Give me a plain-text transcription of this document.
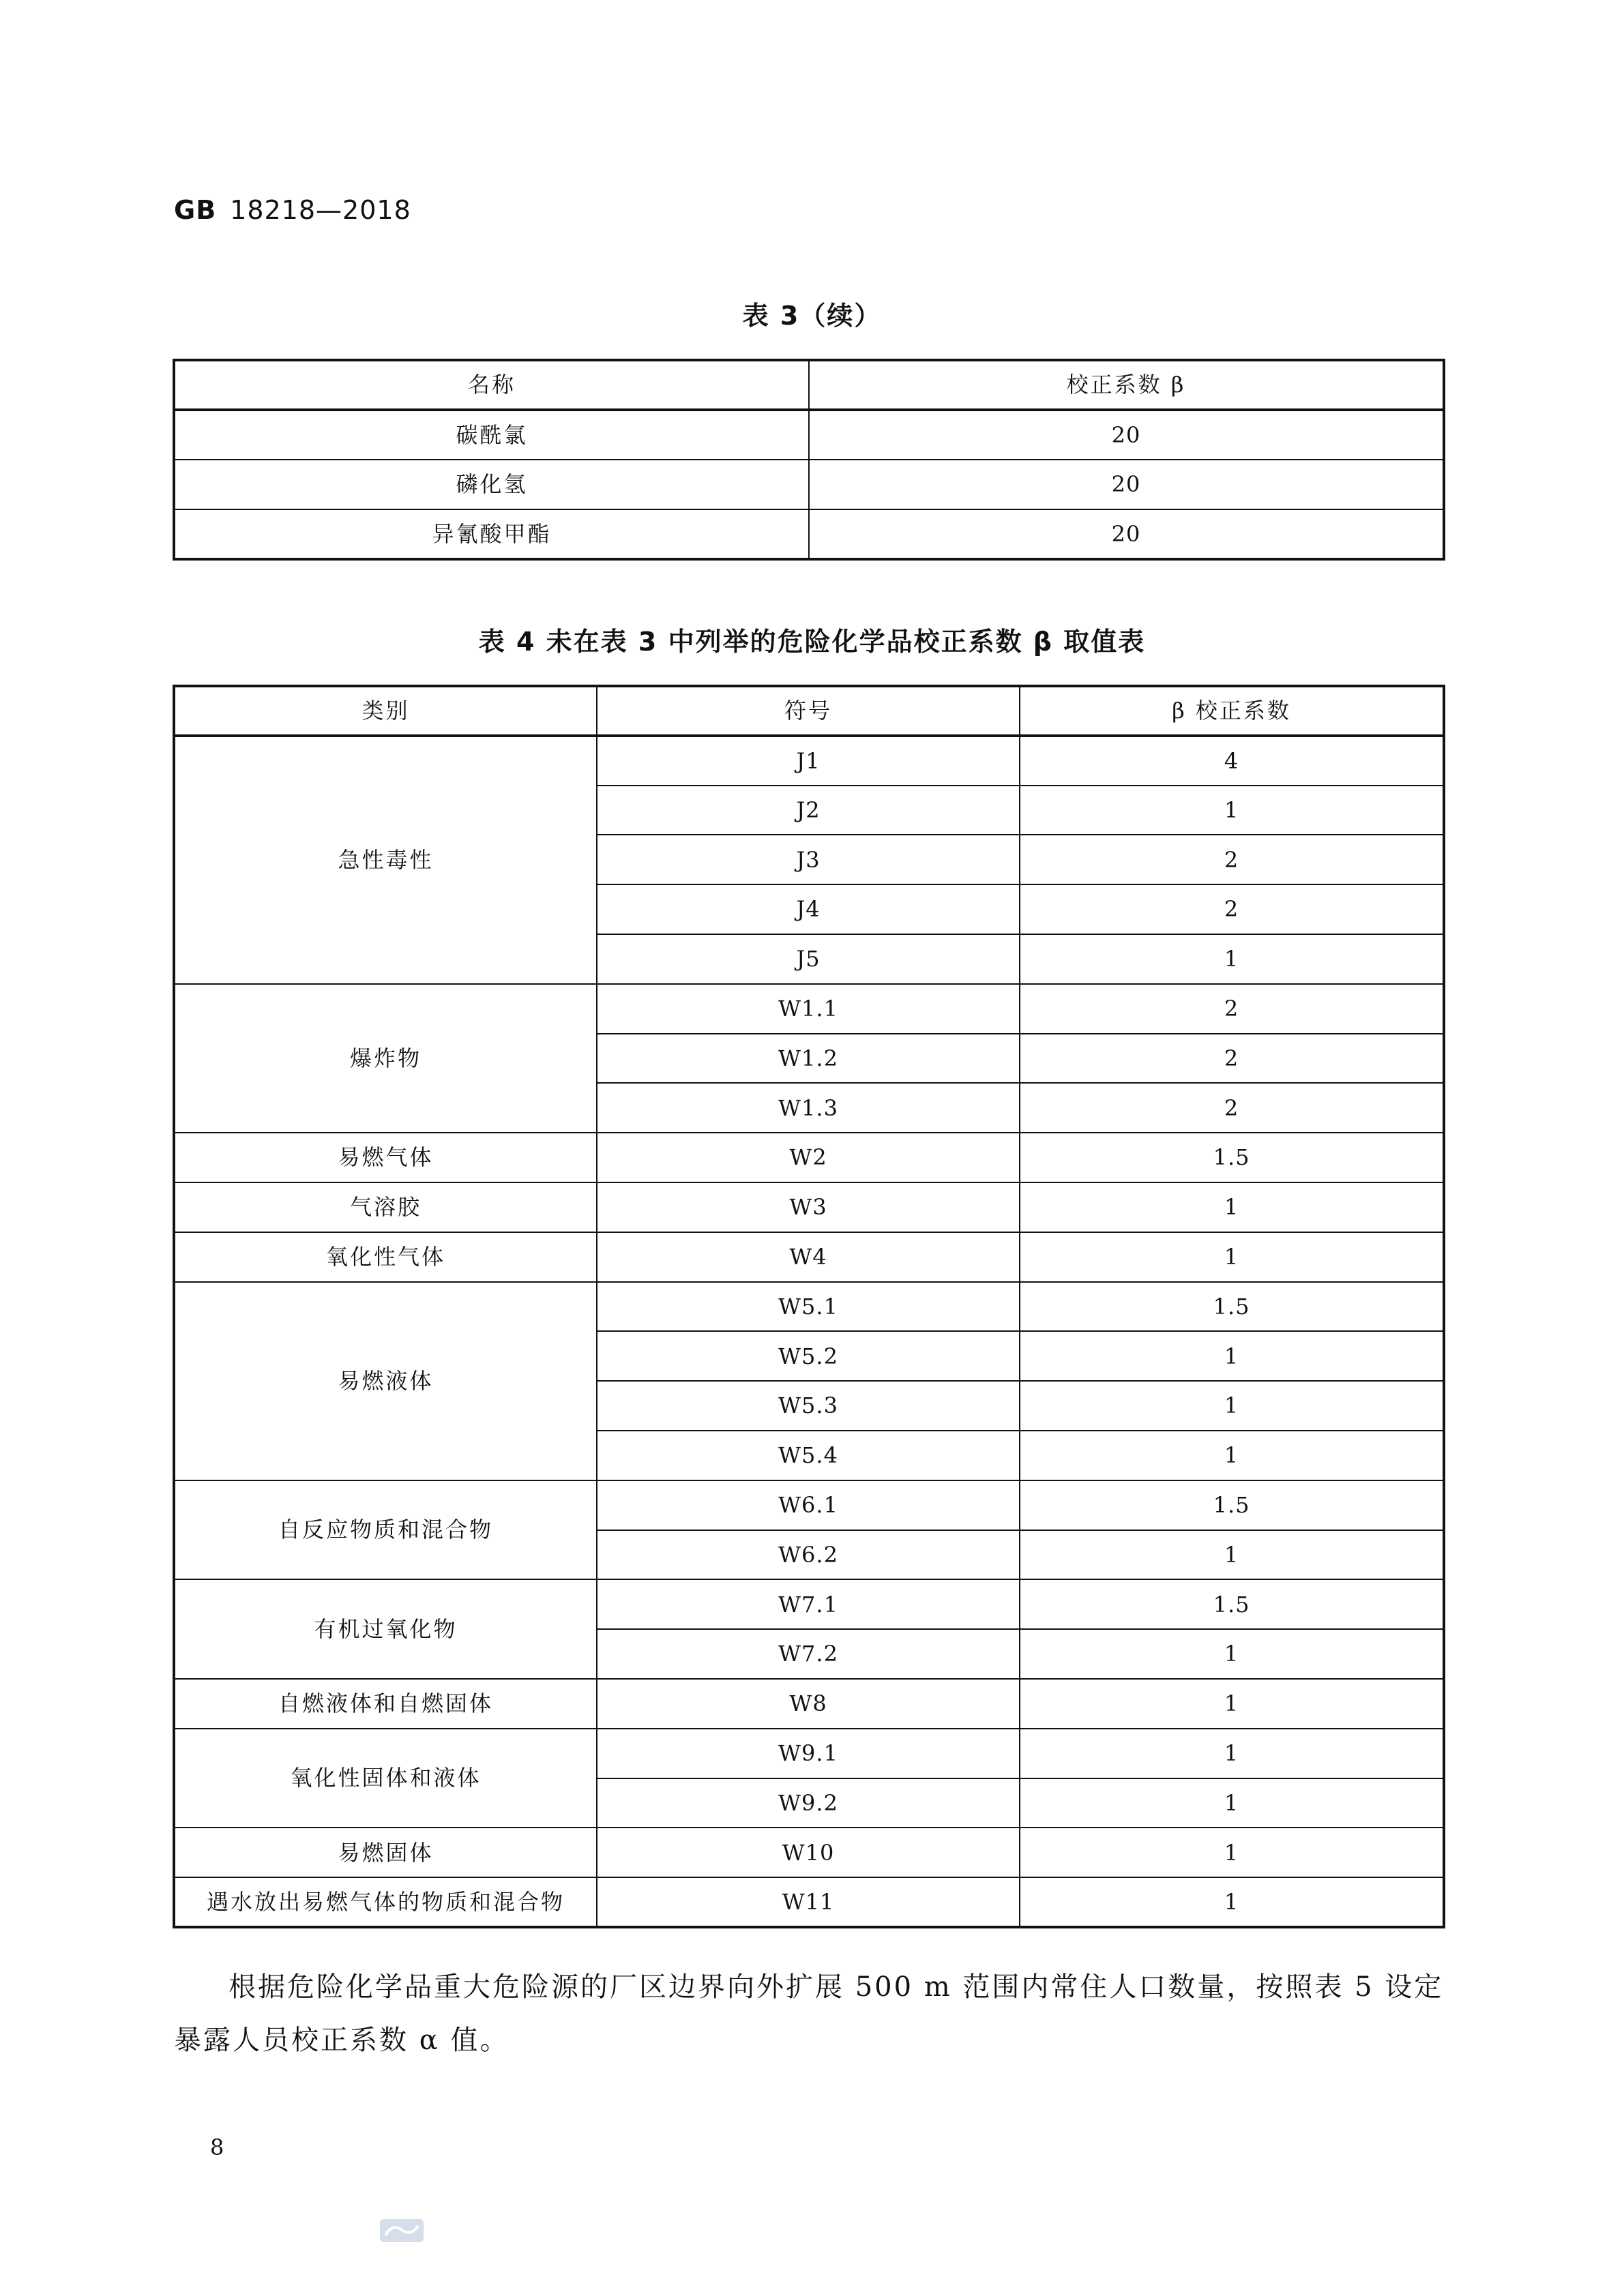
GB 18218—2018
表 3（续）
名称	校正系数 β
碳酰氯	20
磷化氢	20
异氰酸甲酯	20
表 4 未在表 3 中列举的危险化学品校正系数 β 取值表
类别	符号	β 校正系数
急性毒性	J1	4
	J2	1
	J3	2
	J4	2
	J5	1
爆炸物	W1.1	2
	W1.2	2
	W1.3	2
易燃气体	W2	1.5
气溶胶	W3	1
氧化性气体	W4	1
易燃液体	W5.1	1.5
	W5.2	1
	W5.3	1
	W5.4	1
自反应物质和混合物	W6.1	1.5
	W6.2	1
有机过氧化物	W7.1	1.5
	W7.2	1
自燃液体和自燃固体	W8	1
氧化性固体和液体	W9.1	1
	W9.2	1
易燃固体	W10	1
遇水放出易燃气体的物质和混合物	W11	1
根据危险化学品重大危险源的厂区边界向外扩展 500 m 范围内常住人口数量，按照表 5 设定暴露人员校正系数 α 值。
8
